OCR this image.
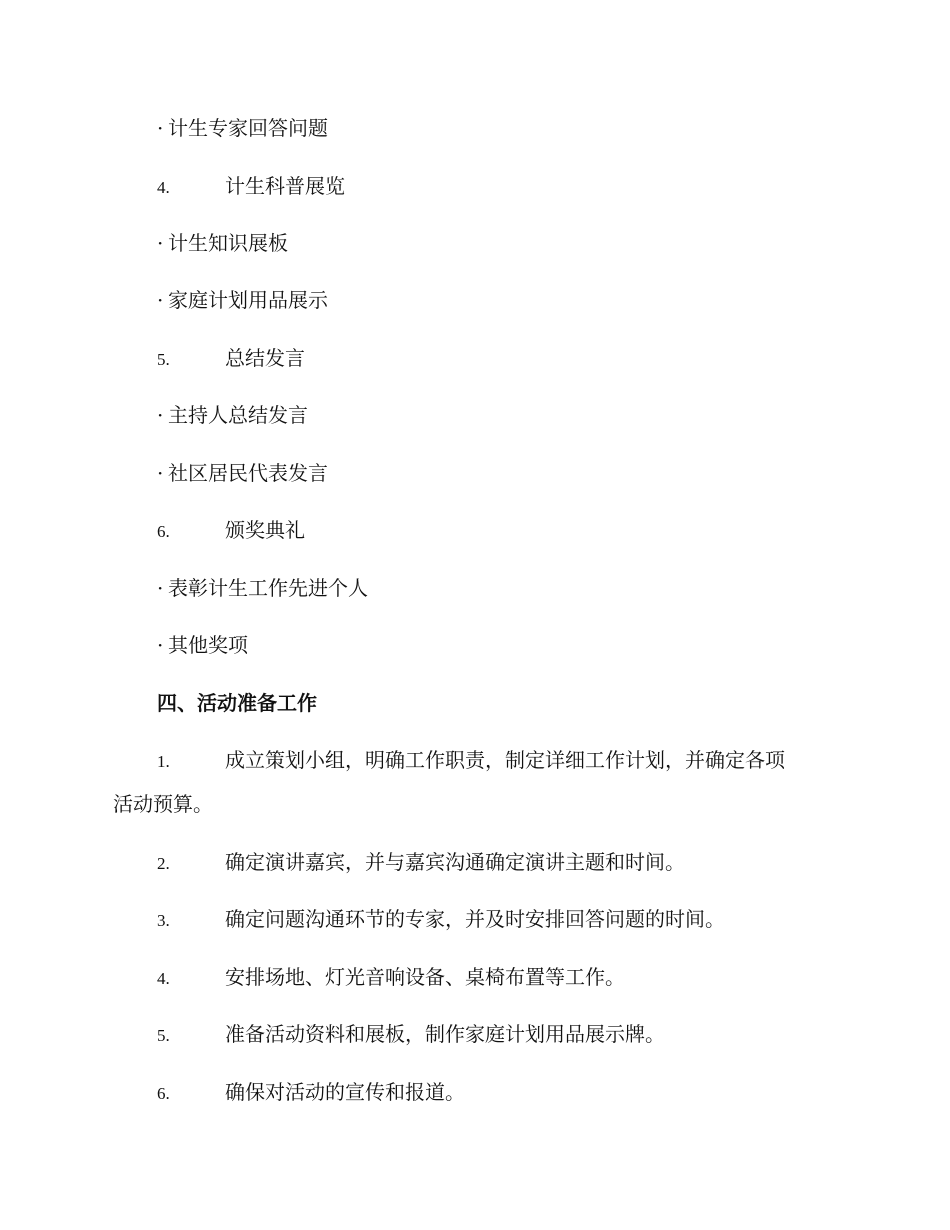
· 计生专家回答问题
4.	计生科普展览
· 计生知识展板
· 家庭计划用品展示
5.	总结发言
· 主持人总结发言
· 社区居民代表发言
6.	颁奖典礼
· 表彰计生工作先进个人
· 其他奖项
四、活动准备工作
1.	成立策划小组，明确工作职责，制定详细工作计划，并确定各项
活动预算。
2.	确定演讲嘉宾，并与嘉宾沟通确定演讲主题和时间。
3.	确定问题沟通环节的专家，并及时安排回答问题的时间。
4.	安排场地、灯光音响设备、桌椅布置等工作。
5.	准备活动资料和展板，制作家庭计划用品展示牌。
6.	确保对活动的宣传和报道。
